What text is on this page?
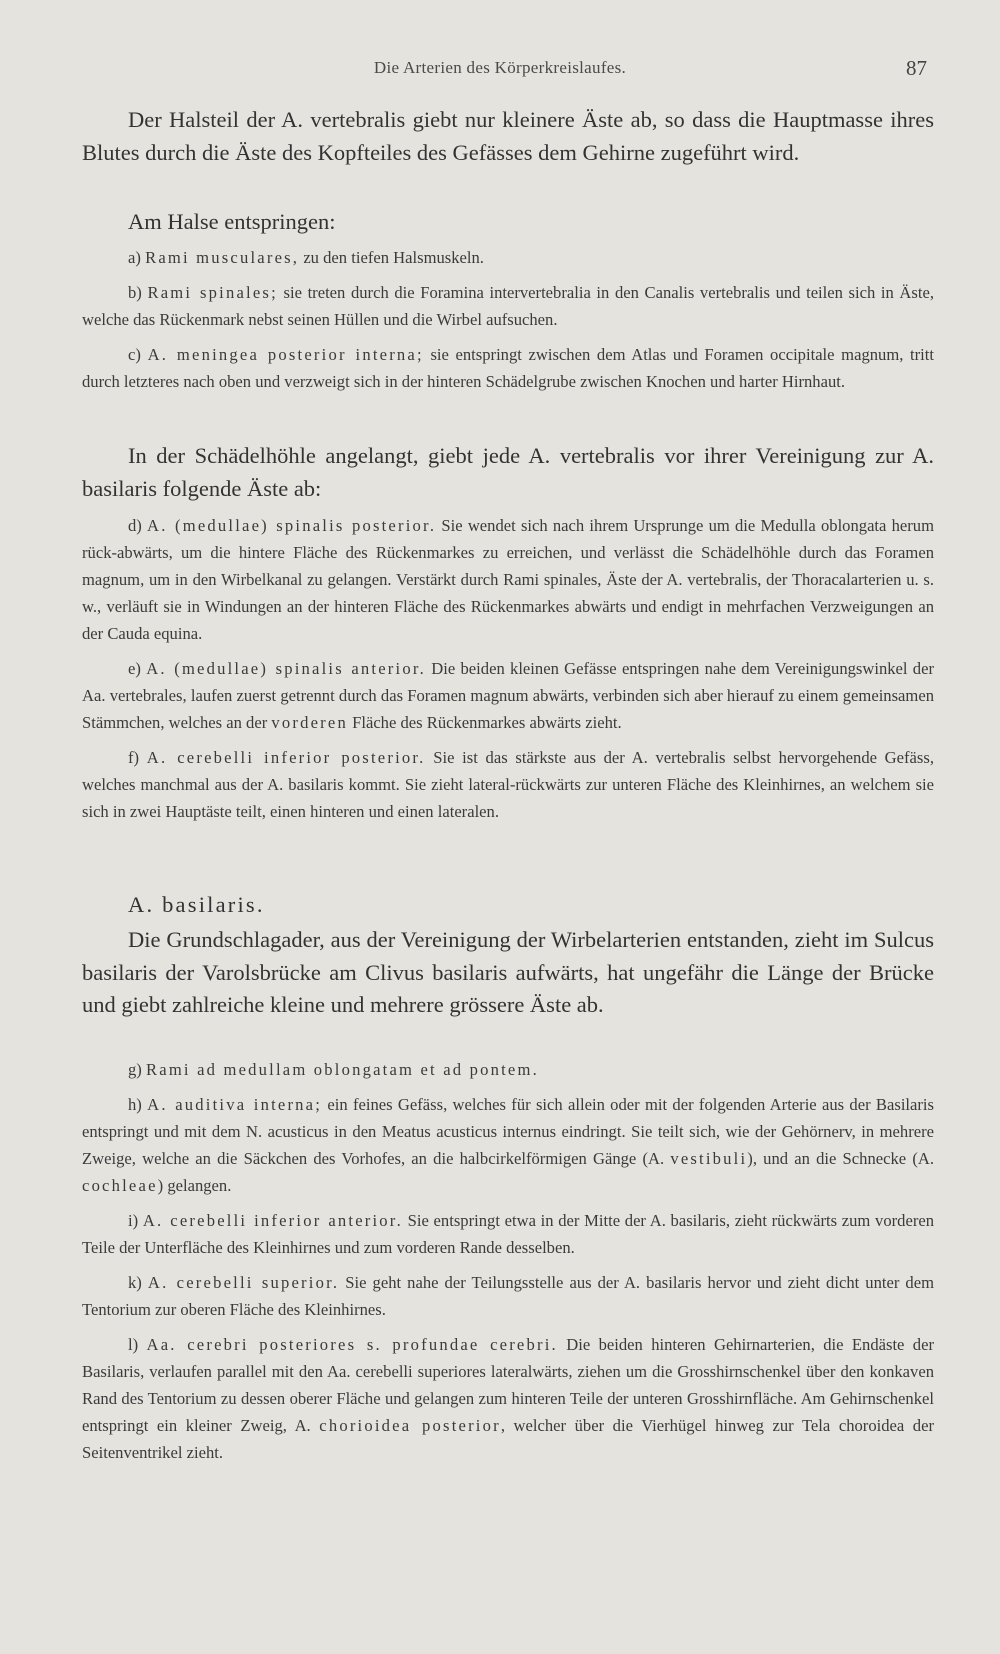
Die Arterien des Körperkreislaufes.	87

Der Halsteil der A. vertebralis giebt nur kleinere Äste ab, so dass die Hauptmasse ihres Blutes durch die Äste des Kopfteiles des Gefässes dem Gehirne zugeführt wird.

Am Halse entspringen:

a) Rami musculares, zu den tiefen Halsmuskeln.

b) Rami spinales; sie treten durch die Foramina intervertebralia in den Canalis vertebralis und teilen sich in Äste, welche das Rückenmark nebst seinen Hüllen und die Wirbel aufsuchen.

c) A. meningea posterior interna; sie entspringt zwischen dem Atlas und Foramen occipitale magnum, tritt durch letzteres nach oben und verzweigt sich in der hinteren Schädelgrube zwischen Knochen und harter Hirnhaut.

In der Schädelhöhle angelangt, giebt jede A. vertebralis vor ihrer Vereinigung zur A. basilaris folgende Äste ab:

d) A. (medullae) spinalis posterior. Sie wendet sich nach ihrem Ursprunge um die Medulla oblongata herum rück-abwärts, um die hintere Fläche des Rückenmarkes zu erreichen, und verlässt die Schädelhöhle durch das Foramen magnum, um in den Wirbelkanal zu gelangen. Verstärkt durch Rami spinales, Äste der A. vertebralis, der Thoracalarterien u. s. w., verläuft sie in Windungen an der hinteren Fläche des Rückenmarkes abwärts und endigt in mehrfachen Verzweigungen an der Cauda equina.

e) A. (medullae) spinalis anterior. Die beiden kleinen Gefässe entspringen nahe dem Vereinigungswinkel der Aa. vertebrales, laufen zuerst getrennt durch das Foramen magnum abwärts, verbinden sich aber hierauf zu einem gemeinsamen Stämmchen, welches an der vorderen Fläche des Rückenmarkes abwärts zieht.

f) A. cerebelli inferior posterior. Sie ist das stärkste aus der A. vertebralis selbst hervorgehende Gefäss, welches manchmal aus der A. basilaris kommt. Sie zieht lateral-rückwärts zur unteren Fläche des Kleinhirnes, an welchem sie sich in zwei Hauptäste teilt, einen hinteren und einen lateralen.

A. basilaris.

Die Grundschlagader, aus der Vereinigung der Wirbelarterien entstanden, zieht im Sulcus basilaris der Varolsbrücke am Clivus basilaris aufwärts, hat ungefähr die Länge der Brücke und giebt zahlreiche kleine und mehrere grössere Äste ab.

g) Rami ad medullam oblongatam et ad pontem.

h) A. auditiva interna; ein feines Gefäss, welches für sich allein oder mit der folgenden Arterie aus der Basilaris entspringt und mit dem N. acusticus in den Meatus acusticus internus eindringt. Sie teilt sich, wie der Gehörnerv, in mehrere Zweige, welche an die Säckchen des Vorhofes, an die halbcirkelförmigen Gänge (A. vestibuli), und an die Schnecke (A. cochleae) gelangen.

i) A. cerebelli inferior anterior. Sie entspringt etwa in der Mitte der A. basilaris, zieht rückwärts zum vorderen Teile der Unterfläche des Kleinhirnes und zum vorderen Rande desselben.

k) A. cerebelli superior. Sie geht nahe der Teilungsstelle aus der A. basilaris hervor und zieht dicht unter dem Tentorium zur oberen Fläche des Kleinhirnes.

l) Aa. cerebri posteriores s. profundae cerebri. Die beiden hinteren Gehirnarterien, die Endäste der Basilaris, verlaufen parallel mit den Aa. cerebelli superiores lateralwärts, ziehen um die Grosshirnschenkel über den konkaven Rand des Tentorium zu dessen oberer Fläche und gelangen zum hinteren Teile der unteren Grosshirnfläche. Am Gehirnschenkel entspringt ein kleiner Zweig, A. chorioidea posterior, welcher über die Vierhügel hinweg zur Tela choroidea der Seitenventrikel zieht.
